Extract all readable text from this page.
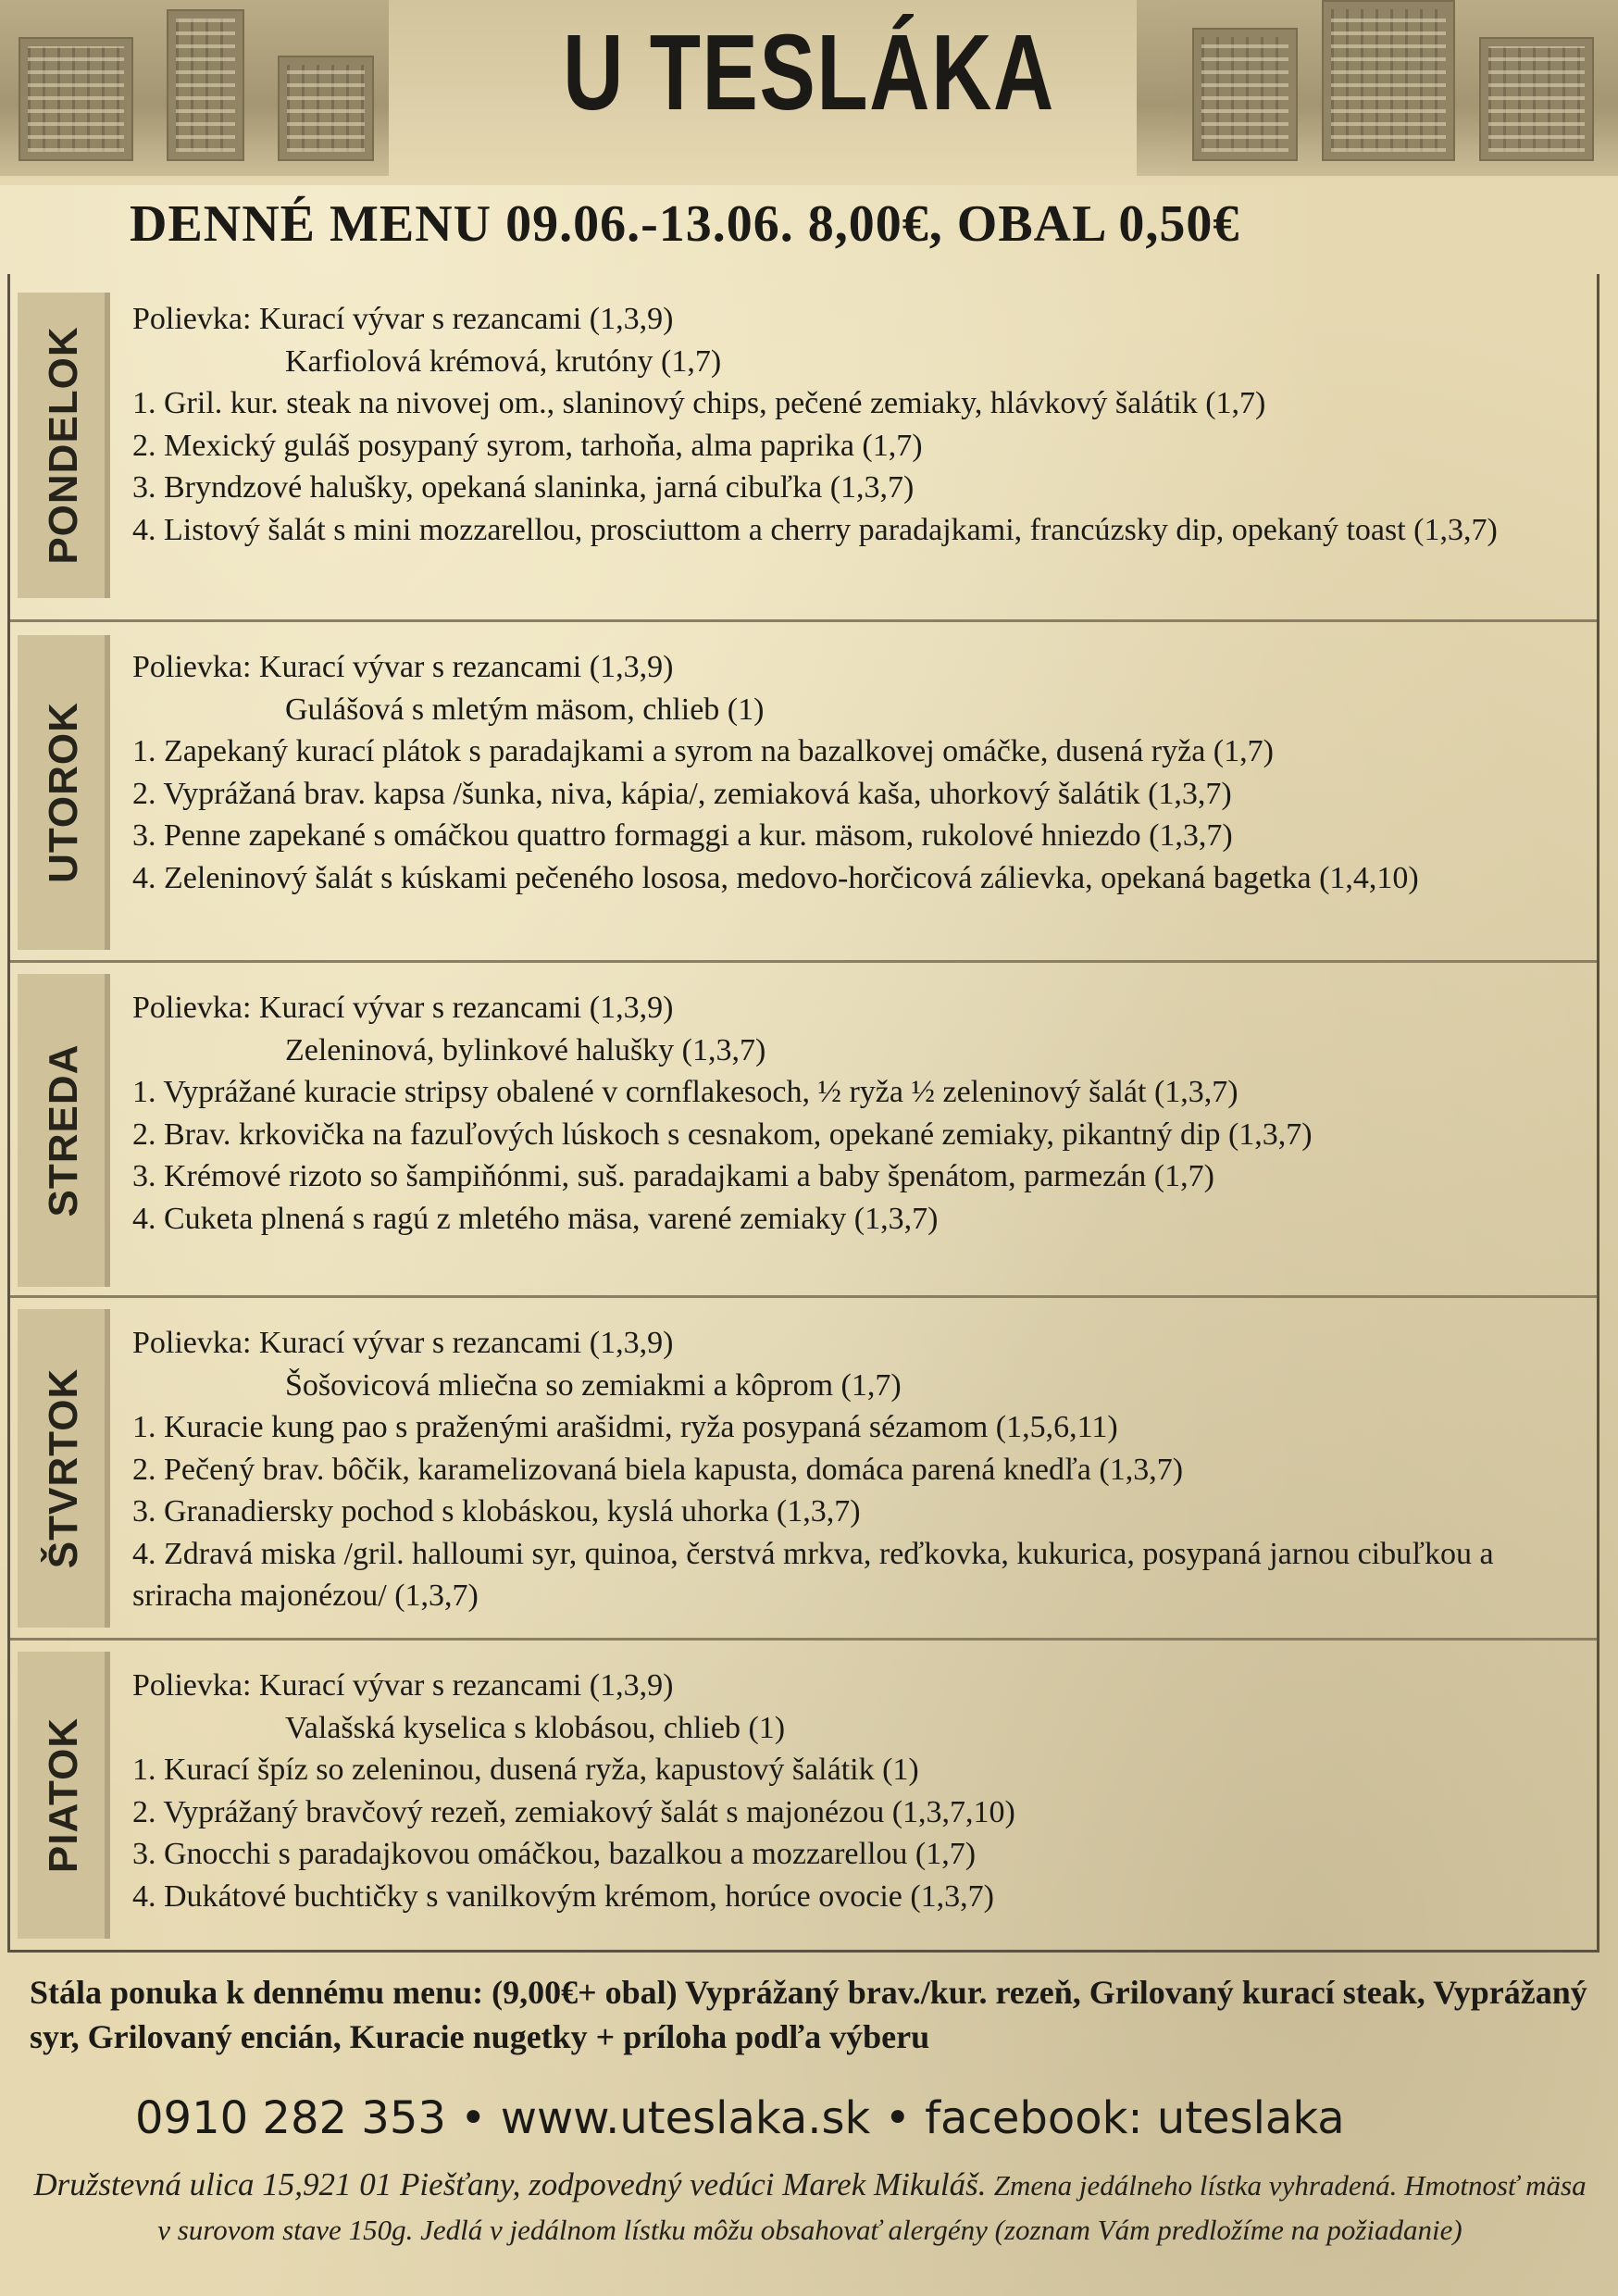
U TESLÁKA
DENNÉ MENU 09.06.-13.06. 8,00€, OBAL 0,50€
PONDELOK
Polievka: Kurací vývar s rezancami (1,3,9)
Karfiolová krémová, krutóny (1,7)
1. Gril. kur. steak na nivovej om., slaninový chips, pečené zemiaky, hlávkový šalátik (1,7)
2. Mexický guláš posypaný syrom, tarhoňa, alma paprika (1,7)
3. Bryndzové halušky, opekaná slaninka, jarná cibuľka (1,3,7)
4. Listový šalát s mini mozzarellou, prosciuttom a cherry paradajkami, francúzsky dip, opekaný toast (1,3,7)
UTOROK
Polievka: Kurací vývar s rezancami (1,3,9)
Gulášová s mletým mäsom, chlieb (1)
1. Zapekaný kurací plátok s paradajkami a syrom na bazalkovej omáčke, dusená ryža (1,7)
2. Vyprážaná brav. kapsa /šunka, niva, kápia/, zemiaková kaša, uhorkový šalátik (1,3,7)
3. Penne zapekané s omáčkou quattro formaggi a kur. mäsom, rukolové hniezdo (1,3,7)
4. Zeleninový šalát s kúskami pečeného lososa, medovo-horčicová zálievka, opekaná bagetka (1,4,10)
STREDA
Polievka: Kurací vývar s rezancami (1,3,9)
Zeleninová, bylinkové halušky (1,3,7)
1. Vyprážané kuracie stripsy obalené v cornflakesoch, ½ ryža ½ zeleninový šalát (1,3,7)
2. Brav. krkovička na fazuľových lúskoch s cesnakom, opekané zemiaky, pikantný dip (1,3,7)
3. Krémové rizoto so šampiňónmi, suš. paradajkami a baby špenátom, parmezán (1,7)
4. Cuketa plnená s ragú z mletého mäsa, varené zemiaky (1,3,7)
ŠTVRTOK
Polievka: Kurací vývar s rezancami (1,3,9)
Šošovicová mliečna so zemiakmi a kôprom (1,7)
1. Kuracie kung pao s praženými arašidmi, ryža posypaná sézamom (1,5,6,11)
2. Pečený brav. bôčik, karamelizovaná biela kapusta, domáca parená knedľa (1,3,7)
3. Granadiersky pochod s klobáskou, kyslá uhorka (1,3,7)
4. Zdravá miska /gril. halloumi syr, quinoa, čerstvá mrkva, reďkovka, kukurica, posypaná jarnou cibuľkou a sriracha majonézou/ (1,3,7)
PIATOK
Polievka: Kurací vývar s rezancami (1,3,9)
Valašská kyselica s klobásou, chlieb (1)
1. Kurací špíz so zeleninou, dusená ryža, kapustový šalátik (1)
2. Vyprážaný bravčový rezeň, zemiakový šalát s majonézou (1,3,7,10)
3. Gnocchi s paradajkovou omáčkou, bazalkou a mozzarellou (1,7)
4. Dukátové buchtičky s vanilkovým krémom, horúce ovocie (1,3,7)
Stála ponuka k dennému menu: (9,00€+ obal) Vyprážaný brav./kur. rezeň, Grilovaný kurací steak, Vyprážaný syr, Grilovaný encián, Kuracie nugetky + príloha podľa výberu
0910 282 353 • www.uteslaka.sk • facebook: uteslaka
Družstevná ulica 15,921 01 Piešťany, zodpovedný vedúci Marek Mikuláš. Zmena jedálneho lístka vyhradená. Hmotnosť mäsa v surovom stave 150g. Jedlá v jedálnom lístku môžu obsahovať alergény (zoznam Vám predložíme na požiadanie)
